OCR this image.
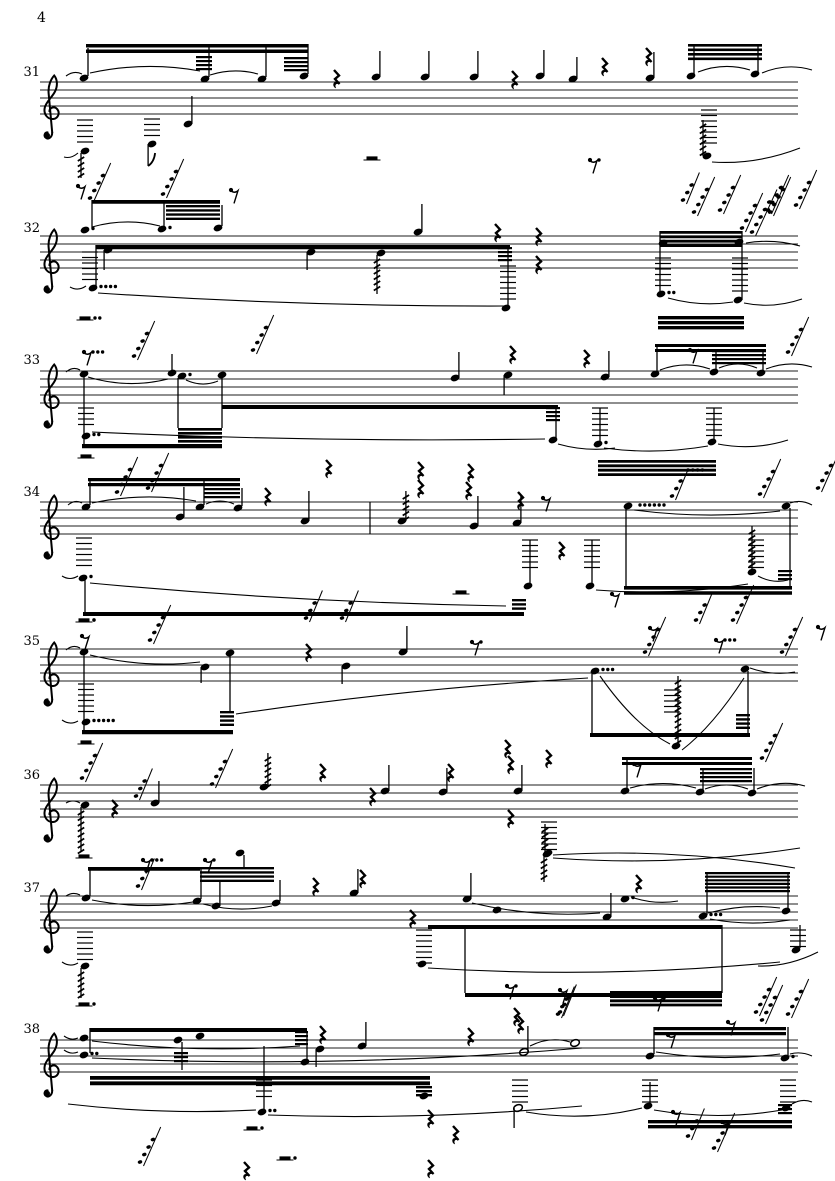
4
31
32
33
34
35
36
37
38
